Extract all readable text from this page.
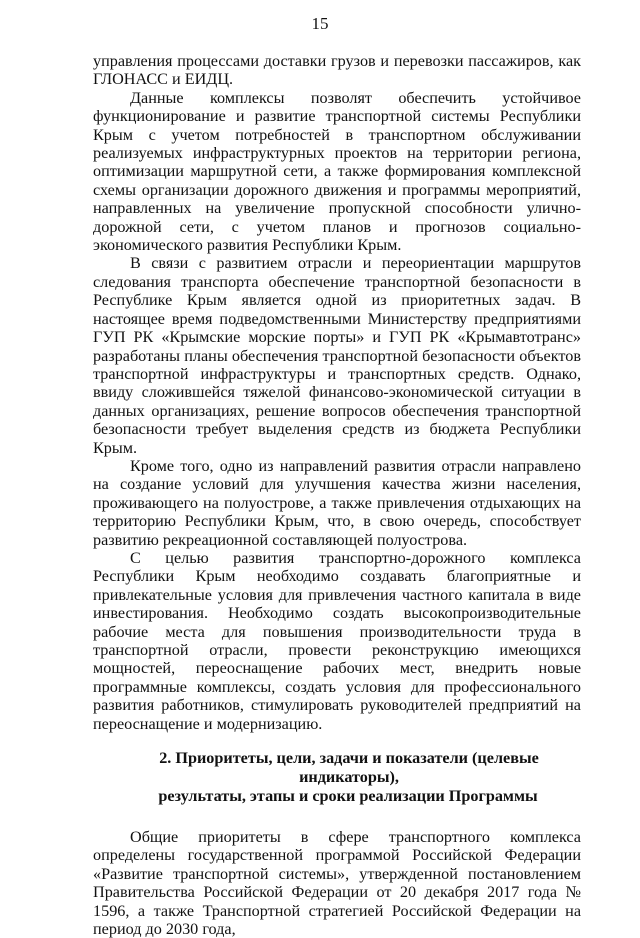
15

управления процессами доставки грузов и перевозки пассажиров, как ГЛОНАСС и ЕИДЦ.

Данные комплексы позволят обеспечить устойчивое функционирование и развитие транспортной системы Республики Крым с учетом потребностей в транспортном обслуживании реализуемых инфраструктурных проектов на территории региона, оптимизации маршрутной сети, а также формирования комплексной схемы организации дорожного движения и программы мероприятий, направленных на увеличение пропускной способности улично-дорожной сети, с учетом планов и прогнозов социально-экономического развития Республики Крым.

В связи с развитием отрасли и переориентации маршрутов следования транспорта обеспечение транспортной безопасности в Республике Крым является одной из приоритетных задач. В настоящее время подведомственными Министерству предприятиями ГУП РК «Крымские морские порты» и ГУП РК «Крымавтотранс» разработаны планы обеспечения транспортной безопасности объектов транспортной инфраструктуры и транспортных средств. Однако, ввиду сложившейся тяжелой финансово-экономической ситуации в данных организациях, решение вопросов обеспечения транспортной безопасности требует выделения средств из бюджета Республики Крым.

Кроме того, одно из направлений развития отрасли направлено на создание условий для улучшения качества жизни населения, проживающего на полуострове, а также привлечения отдыхающих на территорию Республики Крым, что, в свою очередь, способствует развитию рекреационной составляющей полуострова.

С целью развития транспортно-дорожного комплекса Республики Крым необходимо создавать благоприятные и привлекательные условия для привлечения частного капитала в виде инвестирования. Необходимо создать высокопроизводительные рабочие места для повышения производительности труда в транспортной отрасли, провести реконструкцию имеющихся мощностей, переоснащение рабочих мест, внедрить новые программные комплексы, создать условия для профессионального развития работников, стимулировать руководителей предприятий на переоснащение и модернизацию.

2. Приоритеты, цели, задачи и показатели (целевые индикаторы),
результаты, этапы и сроки реализации Программы

Общие приоритеты в сфере транспортного комплекса определены государственной программой Российской Федерации «Развитие транспортной системы», утвержденной постановлением Правительства Российской Федерации от 20 декабря 2017 года № 1596, а также Транспортной стратегией Российской Федерации на период до 2030 года,
